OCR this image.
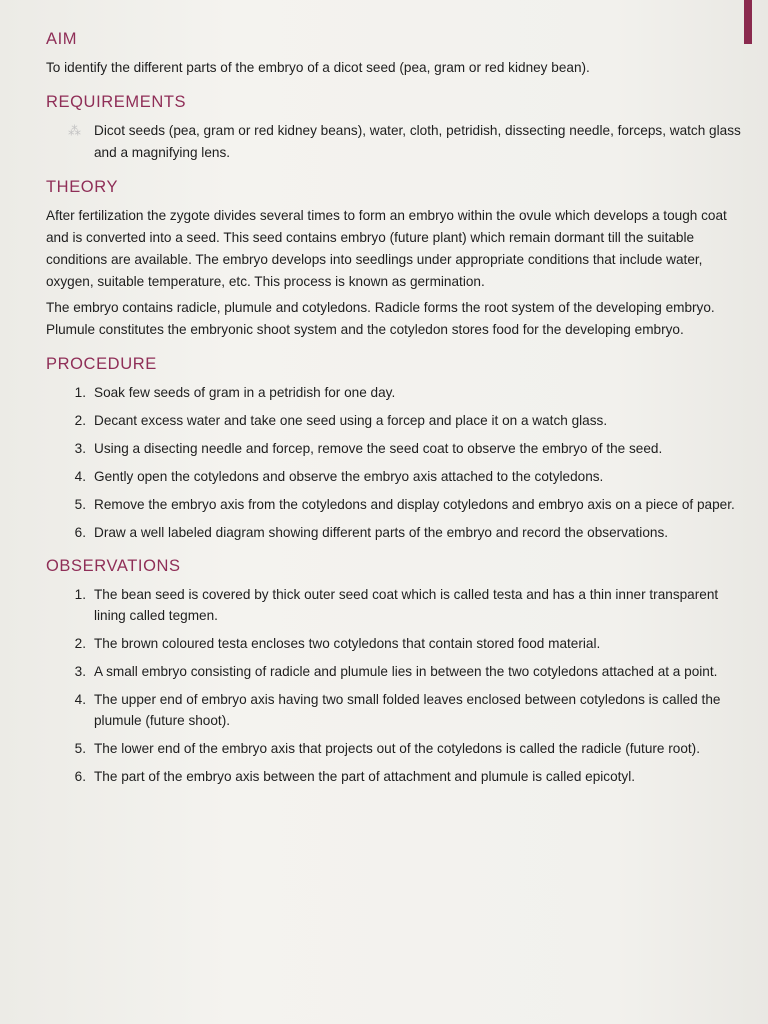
AIM

To identify the different parts of the embryo of a dicot seed (pea, gram or red kidney bean).

REQUIREMENTS
⁂ Dicot seeds (pea, gram or red kidney beans), water, cloth, petridish, dissecting needle, forceps, watch glass and a magnifying lens.

THEORY

After fertilization the zygote divides several times to form an embryo within the ovule which develops a tough coat and is converted into a seed. This seed contains embryo (future plant) which remain dormant till the suitable conditions are available. The embryo develops into seedlings under appropriate conditions that include water, oxygen, suitable temperature, etc. This process is known as germination.

The embryo contains radicle, plumule and cotyledons. Radicle forms the root system of the developing embryo. Plumule constitutes the embryonic shoot system and the cotyledon stores food for the developing embryo.

PROCEDURE
1. Soak few seeds of gram in a petridish for one day.
2. Decant excess water and take one seed using a forcep and place it on a watch glass.
3. Using a disecting needle and forcep, remove the seed coat to observe the embryo of the seed.
4. Gently open the cotyledons and observe the embryo axis attached to the cotyledons.
5. Remove the embryo axis from the cotyledons and display cotyledons and embryo axis on a piece of paper.
6. Draw a well labeled diagram showing different parts of the embryo and record the observations.
OBSERVATIONS
1. The bean seed is covered by thick outer seed coat which is called testa and has a thin inner transparent lining called tegmen.
2. The brown coloured testa encloses two cotyledons that contain stored food material.
3. A small embryo consisting of radicle and plumule lies in between the two cotyledons attached at a point.
4. The upper end of embryo axis having two small folded leaves enclosed between cotyledons is called the plumule (future shoot).
5. The lower end of the embryo axis that projects out of the cotyledons is called the radicle (future root).
6. The part of the embryo axis between the part of attachment and plumule is called epicotyl.
